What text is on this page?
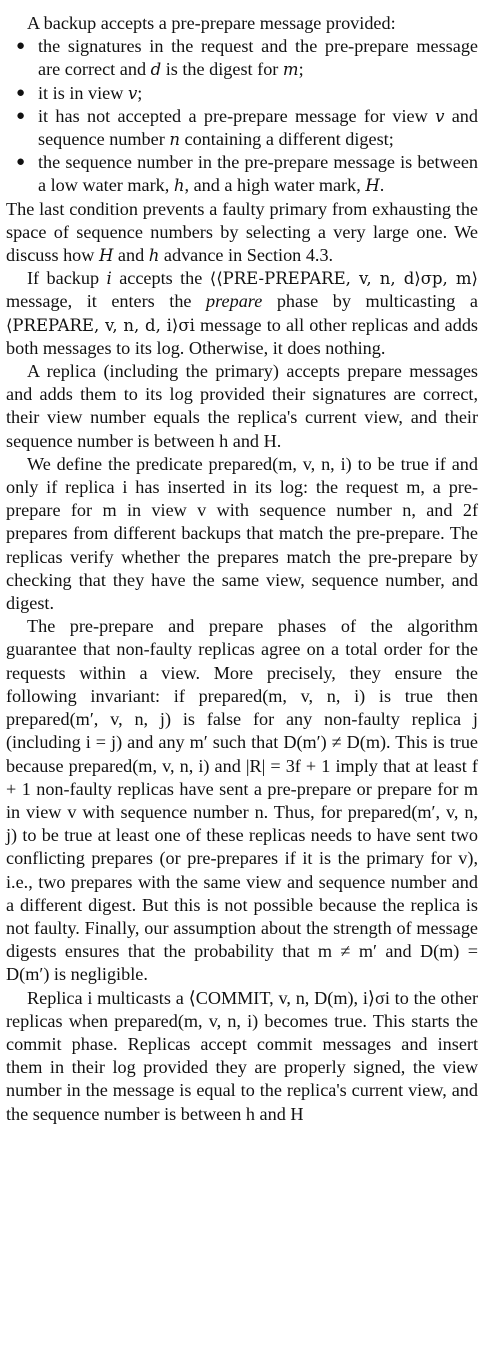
A backup accepts a pre-prepare message provided:

● the signatures in the request and the pre-prepare message are correct and d is the digest for m;
● it is in view v;
● it has not accepted a pre-prepare message for view v and sequence number n containing a different digest;
● the sequence number in the pre-prepare message is between a low water mark, h, and a high water mark, H.

The last condition prevents a faulty primary from exhausting the space of sequence numbers by selecting a very large one. We discuss how H and h advance in Section 4.3.

If backup i accepts the ⟨⟨PRE-PREPARE, v, n, d⟩σp, m⟩ message, it enters the prepare phase by multicasting a ⟨PREPARE, v, n, d, i⟩σi message to all other replicas and adds both messages to its log. Otherwise, it does nothing.

A replica (including the primary) accepts prepare messages and adds them to its log provided their signatures are correct, their view number equals the replica's current view, and their sequence number is between h and H.

We define the predicate prepared(m, v, n, i) to be true if and only if replica i has inserted in its log: the request m, a pre-prepare for m in view v with sequence number n, and 2f prepares from different backups that match the pre-prepare. The replicas verify whether the prepares match the pre-prepare by checking that they have the same view, sequence number, and digest.

The pre-prepare and prepare phases of the algorithm guarantee that non-faulty replicas agree on a total order for the requests within a view. More precisely, they ensure the following invariant: if prepared(m, v, n, i) is true then prepared(m′, v, n, j) is false for any non-faulty replica j (including i = j) and any m′ such that D(m′) ≠ D(m). This is true because prepared(m, v, n, i) and |R| = 3f + 1 imply that at least f + 1 non-faulty replicas have sent a pre-prepare or prepare for m in view v with sequence number n. Thus, for prepared(m′, v, n, j) to be true at least one of these replicas needs to have sent two conflicting prepares (or pre-prepares if it is the primary for v), i.e., two prepares with the same view and sequence number and a different digest. But this is not possible because the replica is not faulty. Finally, our assumption about the strength of message digests ensures that the probability that m ≠ m′ and D(m) = D(m′) is negligible.

Replica i multicasts a ⟨COMMIT, v, n, D(m), i⟩σi to the other replicas when prepared(m, v, n, i) becomes true. This starts the commit phase. Replicas accept commit messages and insert them in their log provided they are properly signed, the view number in the message is equal to the replica's current view, and the sequence number is between h and H
